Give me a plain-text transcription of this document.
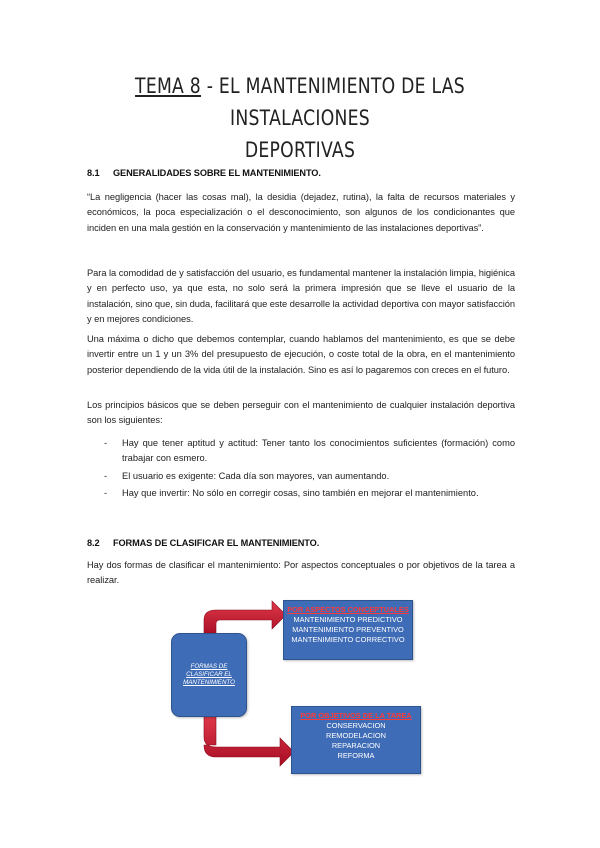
TEMA 8 - EL MANTENIMIENTO DE LAS INSTALACIONES
DEPORTIVAS
8.1 GENERALIDADES SOBRE EL MANTENIMIENTO.
“La negligencia (hacer las cosas mal), la desidia (dejadez, rutina), la falta de recursos materiales y económicos, la poca especialización o el desconocimiento, son algunos de los condicionantes que inciden en una mala gestión en la conservación y mantenimiento de las instalaciones deportivas”.
Para la comodidad de y satisfacción del usuario, es fundamental mantener la instalación limpia, higiénica y en perfecto uso, ya que esta, no solo será la primera impresión que se lleve el usuario de la instalación, sino que, sin duda, facilitará que este desarrolle la actividad deportiva con mayor satisfacción y en mejores condiciones.
Una máxima o dicho que debemos contemplar, cuando hablamos del mantenimiento, es que se debe invertir entre un 1 y un 3% del presupuesto de ejecución, o coste total de la obra, en el mantenimiento posterior dependiendo de la vida útil de la instalación. Sino es así lo pagaremos con creces en el futuro.
Los principios básicos que se deben perseguir con el mantenimiento de cualquier instalación deportiva son los siguientes:
- Hay que tener aptitud y actitud: Tener tanto los conocimientos suficientes (formación) como trabajar con esmero.
- El usuario es exigente: Cada día son mayores, van aumentando.
- Hay que invertir: No sólo en corregir cosas, sino también en mejorar el mantenimiento.
8.2 FORMAS DE CLASIFICAR EL MANTENIMIENTO.
Hay dos formas de clasificar el mantenimiento: Por aspectos conceptuales o por objetivos de la tarea a realizar.
FORMAS DE CLASIFICAR EL MANTENIMIENTO
POR ASPECTOS CONCEPTUALES
MANTENIMIENTO PREDICTIVO
MANTENIMIENTO PREVENTIVO
MANTENIMIENTO CORRECTIVO
POR OBJETIVOS DE LA TAREA
CONSERVACION
REMODELACION
REPARACION
REFORMA
